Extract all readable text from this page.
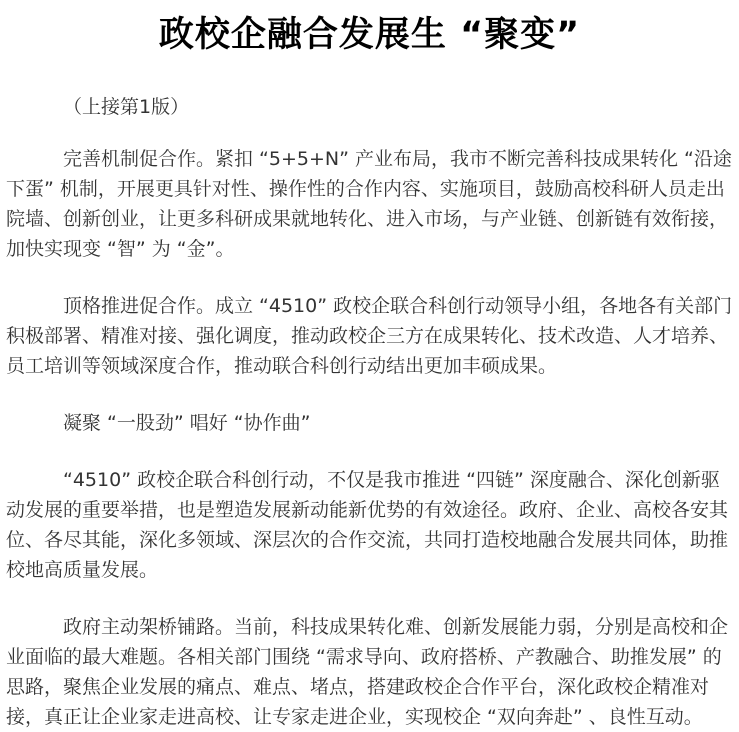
政校企融合发展生 “聚变”

（上接第1版）

完善机制促合作。紧扣 “5+5+N” 产业布局，我市不断完善科技成果转化 “沿途下蛋” 机制，开展更具针对性、操作性的合作内容、实施项目，鼓励高校科研人员走出院墙、创新创业，让更多科研成果就地转化、进入市场，与产业链、创新链有效衔接，加快实现变 “智” 为 “金”。

顶格推进促合作。成立 “4510” 政校企联合科创行动领导小组，各地各有关部门积极部署、精准对接、强化调度，推动政校企三方在成果转化、技术改造、人才培养、员工培训等领域深度合作，推动联合科创行动结出更加丰硕成果。

凝聚 “一股劲” 唱好 “协作曲”

“4510” 政校企联合科创行动，不仅是我市推进 “四链” 深度融合、深化创新驱动发展的重要举措，也是塑造发展新动能新优势的有效途径。政府、企业、高校各安其位、各尽其能，深化多领域、深层次的合作交流，共同打造校地融合发展共同体，助推校地高质量发展。

政府主动架桥铺路。当前，科技成果转化难、创新发展能力弱，分别是高校和企业面临的最大难题。各相关部门围绕 “需求导向、政府搭桥、产教融合、助推发展” 的思路，聚焦企业发展的痛点、难点、堵点，搭建政校企合作平台，深化政校企精准对接，真正让企业家走进高校、让专家走进企业，实现校企 “双向奔赴” 、良性互动。
